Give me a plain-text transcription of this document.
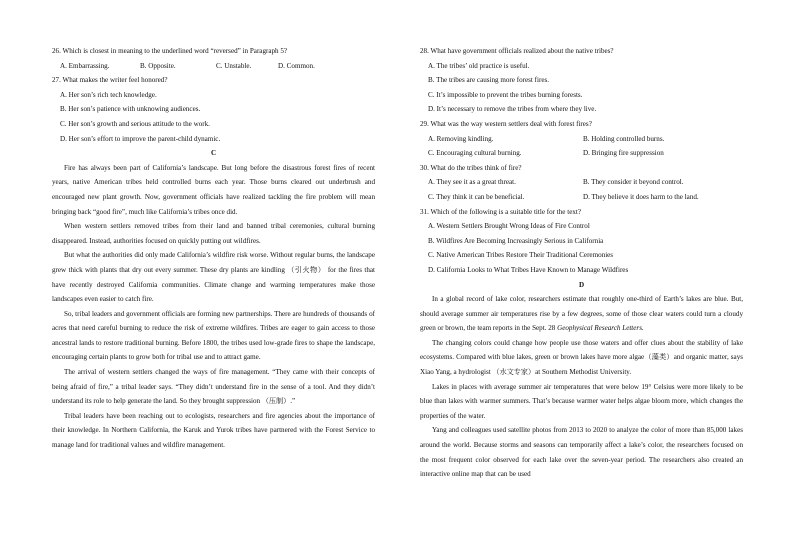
26. Which is closest in meaning to the underlined word “reversed” in Paragraph 5?

A. Embarrassing.	B. Opposite.	C. Unstable.	D. Common.

27. What makes the writer feel honored?

A. Her son’s rich tech knowledge.

B. Her son’s patience with unknowing audiences.

C. Her son’s growth and serious attitude to the work.

D. Her son’s effort to improve the parent-child dynamic.

C

Fire has always been part of California’s landscape. But long before the disastrous forest fires of recent years, native American tribes held controlled burns each year. Those burns cleared out underbrush and encouraged new plant growth. Now, government officials have realized tackling the fire problem will mean bringing back “good fire”, much like California’s tribes once did.

When western settlers removed tribes from their land and banned tribal ceremonies, cultural burning disappeared. Instead, authorities focused on quickly putting out wildfires.

But what the authorities did only made California’s wildfire risk worse. Without regular burns, the landscape grew thick with plants that dry out every summer. These dry plants are kindling （引火物） for the fires that have recently destroyed California communities. Climate change and warming temperatures make those landscapes even easier to catch fire.

So, tribal leaders and government officials are forming new partnerships. There are hundreds of thousands of acres that need careful burning to reduce the risk of extreme wildfires. Tribes are eager to gain access to those ancestral lands to restore traditional burning. Before 1800, the tribes used low-grade fires to shape the landscape, encouraging certain plants to grow both for tribal use and to attract game.

The arrival of western settlers changed the ways of fire management. “They came with their concepts of being afraid of fire,” a tribal leader says. “They didn’t understand fire in the sense of a tool. And they didn’t understand its role to help generate the land. So they brought suppression （压制）.”

Tribal leaders have been reaching out to ecologists, researchers and fire agencies about the importance of their knowledge. In Northern California, the Karuk and Yurok tribes have partnered with the Forest Service to manage land for traditional values and wildfire management.

28. What have government officials realized about the native tribes?

A. The tribes’ old practice is useful.

B. The tribes are causing more forest fires.

C. It’s impossible to prevent the tribes burning forests.

D. It’s necessary to remove the tribes from where they live.

29. What was the way western settlers deal with forest fires?

A. Removing kindling.	B. Holding controlled burns.
C. Encouraging cultural burning.	D. Bringing fire suppression

30. What do the tribes think of fire?

A. They see it as a great threat.	B. They consider it beyond control.
C. They think it can be beneficial.	D. They believe it does harm to the land.

31. Which of the following is a suitable title for the text?

A. Western Settlers Brought Wrong Ideas of Fire Control

B. Wildfires Are Becoming Increasingly Serious in California

C. Native American Tribes Restore Their Traditional Ceremonies

D. California Looks to What Tribes Have Known to Manage Wildfires

D

In a global record of lake color, researchers estimate that roughly one-third of Earth’s lakes are blue. But, should average summer air temperatures rise by a few degrees, some of those clear waters could turn a cloudy green or brown, the team reports in the Sept. 28 Geophysical Research Letters.

The changing colors could change how people use those waters and offer clues about the stability of lake ecosystems. Compared with blue lakes, green or brown lakes have more algae（藻类）and organic matter, says Xiao Yang, a hydrologist （水文专家）at Southern Methodist University.

Lakes in places with average summer air temperatures that were below 19° Celsius were more likely to be blue than lakes with warmer summers. That’s because warmer water helps algae bloom more, which changes the properties of the water.

Yang and colleagues used satellite photos from 2013 to 2020 to analyze the color of more than 85,000 lakes around the world. Because storms and seasons can temporarily affect a lake’s color, the researchers focused on the most frequent color observed for each lake over the seven-year period. The researchers also created an interactive online map that can be used
